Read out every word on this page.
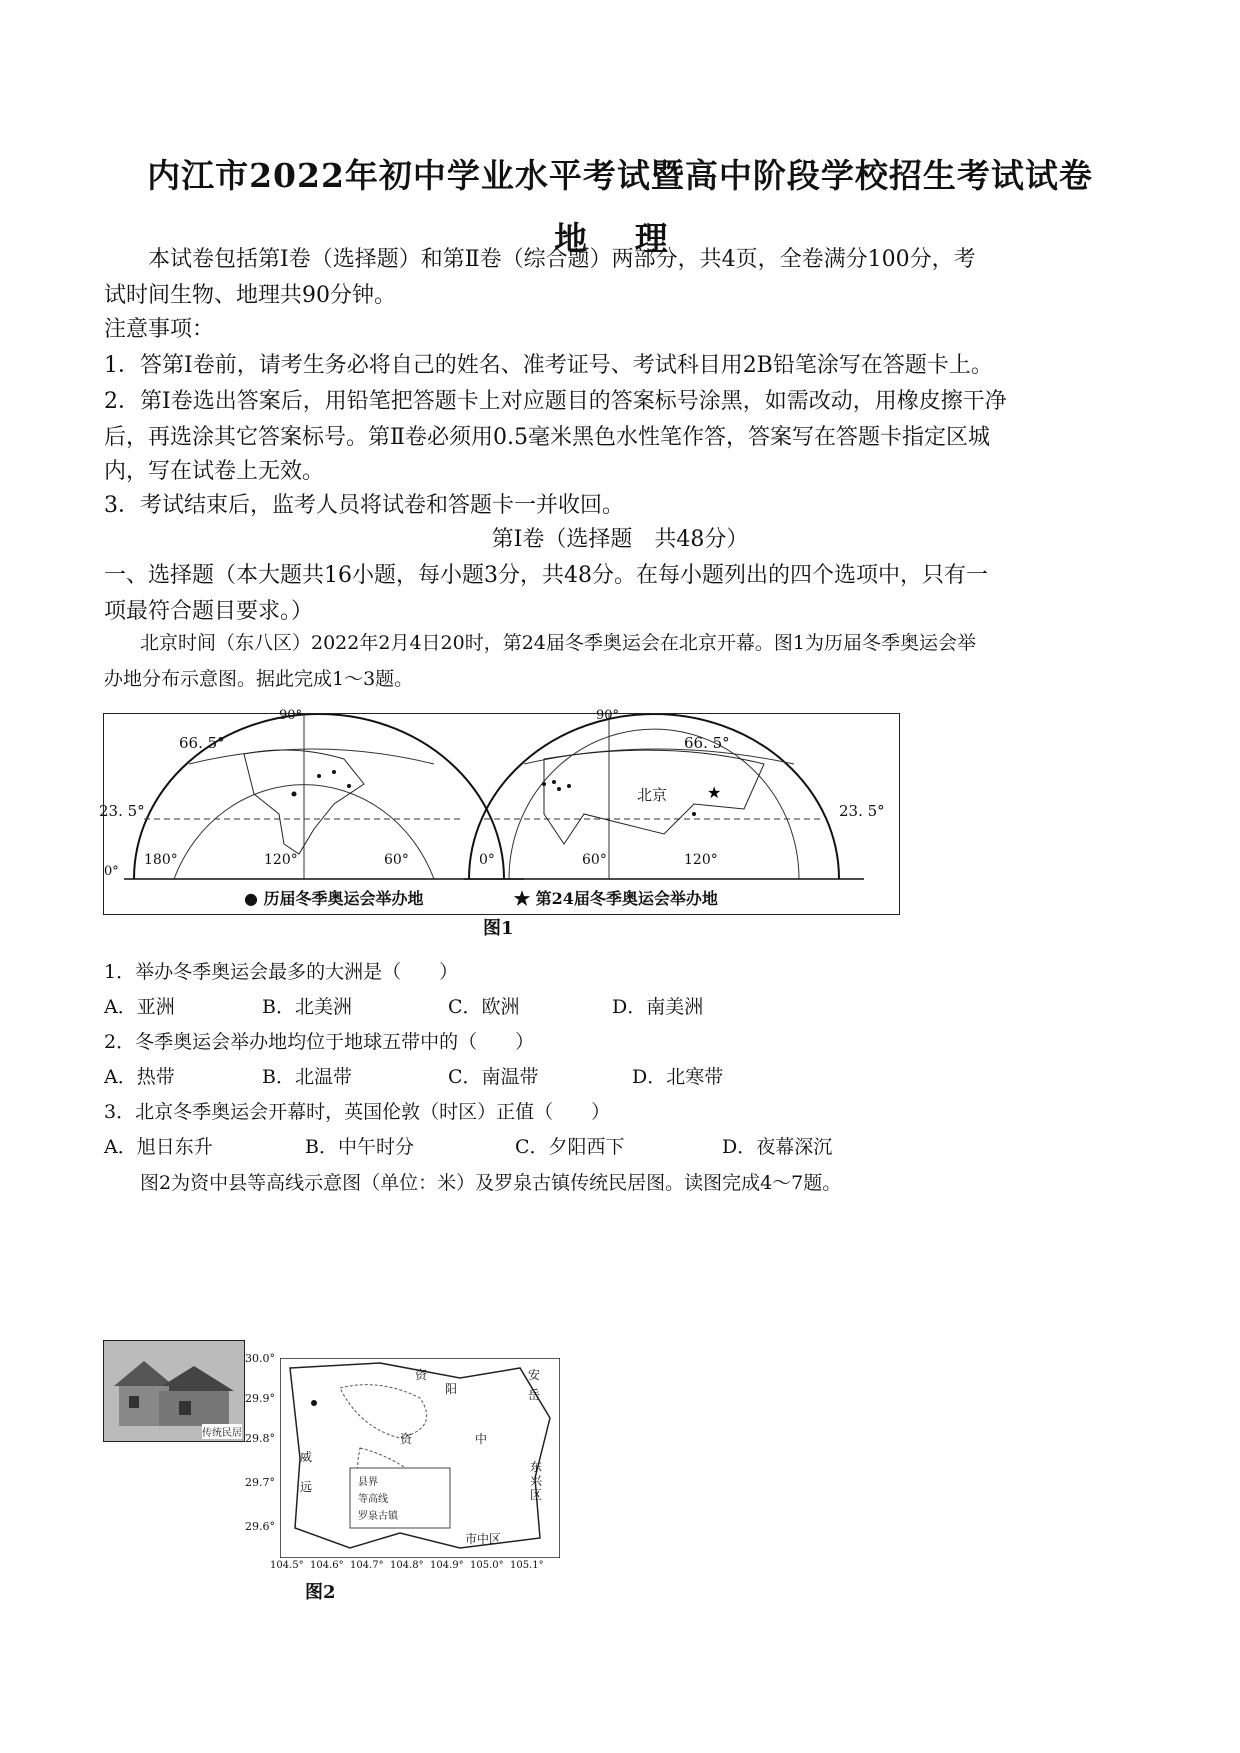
内江市2022年初中学业水平考试暨高中阶段学校招生考试试卷
地 理
本试卷包括第Ⅰ卷（选择题）和第Ⅱ卷（综合题）两部分，共4页，全卷满分100分，考
试时间生物、地理共90分钟。
注意事项：
1．答第Ⅰ卷前，请考生务必将自己的姓名、准考证号、考试科目用2B铅笔涂写在答题卡上。
2．第Ⅰ卷选出答案后，用铅笔把答题卡上对应题目的答案标号涂黑，如需改动，用橡皮擦干净
后，再选涂其它答案标号。第Ⅱ卷必须用0.5毫米黑色水性笔作答，答案写在答题卡指定区城
内，写在试卷上无效。
3．考试结束后，监考人员将试卷和答题卡一并收回。
第Ⅰ卷（选择题　共48分）
一、选择题（本大题共16小题，每小题3分，共48分。在每小题列出的四个选项中，只有一
项最符合题目要求。）
北京时间（东八区）2022年2月4日20时，第24届冬季奥运会在北京开幕。图1为历届冬季奥运会举
办地分布示意图。据此完成1～3题。
★
90°
66. 5°
23. 5°
180°	120°	60°
0°
90°
66. 5°
23. 5°
0°	60°	120°
北京
● 历届冬季奥运会举办地	★ 第24届冬季奥运会举办地
图1
1．举办冬季奥运会最多的大洲是（　　）
A．亚洲	B．北美洲	C．欧洲	D．南美洲
2．冬季奥运会举办地均位于地球五带中的（　　）
A．热带	B．北温带	C．南温带	D．北寒带
3．北京冬季奥运会开幕时，英国伦敦（时区）正值（　　）
A．旭日东升	B．中午时分	C．夕阳西下	D．夜幕深沉
图2为资中县等高线示意图（单位：米）及罗泉古镇传统民居图。读图完成4～7题。
传统民居
资
阳
安
岳
资	中
东
兴
区
市中区
威
远	县界
等高线
罗泉古镇
30.0°
29.9°
29.8°
29.7°
29.6°
104.5° 104.6° 104.7° 104.8° 104.9° 105.0° 105.1°
图2
